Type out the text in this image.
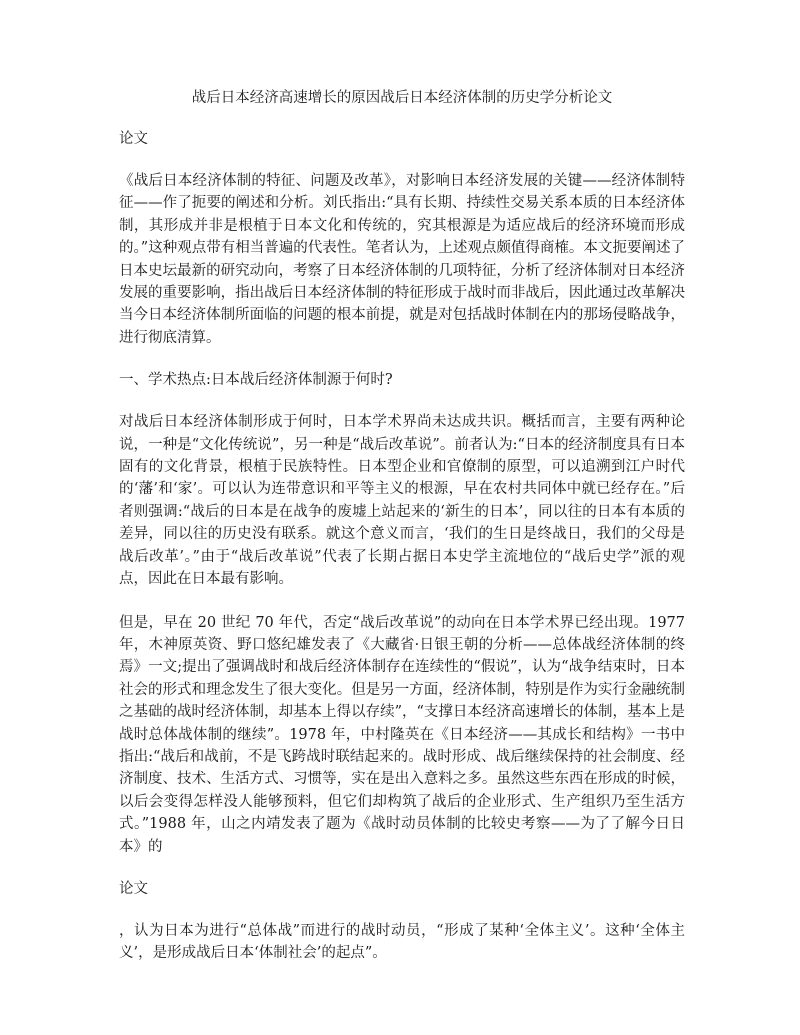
战后日本经济高速增长的原因战后日本经济体制的历史学分析论文
论文

《战后日本经济体制的特征、问题及改革》，对影响日本经济发展的关键——经济体制特征——作了扼要的阐述和分析。刘氏指出:“具有长期、持续性交易关系本质的日本经济体制，其形成并非是根植于日本文化和传统的，究其根源是为适应战后的经济环境而形成的。”这种观点带有相当普遍的代表性。笔者认为，上述观点颇值得商榷。本文扼要阐述了日本史坛最新的研究动向，考察了日本经济体制的几项特征，分析了经济体制对日本经济发展的重要影响，指出战后日本经济体制的特征形成于战时而非战后，因此通过改革解决当今日本经济体制所面临的问题的根本前提，就是对包括战时体制在内的那场侵略战争，进行彻底清算。

一、学术热点:日本战后经济体制源于何时?

对战后日本经济体制形成于何时，日本学术界尚未达成共识。概括而言，主要有两种论说，一种是“文化传统说”，另一种是“战后改革说”。前者认为:“日本的经济制度具有日本固有的文化背景，根植于民族特性。日本型企业和官僚制的原型，可以追溯到江户时代的‘藩’和‘家’。可以认为连带意识和平等主义的根源，早在农村共同体中就已经存在。”后者则强调:“战后的日本是在战争的废墟上站起来的‘新生的日本’，同以往的日本有本质的差异，同以往的历史没有联系。就这个意义而言，‘我们的生日是终战日，我们的父母是战后改革’。”由于“战后改革说”代表了长期占据日本史学主流地位的“战后史学”派的观点，因此在日本最有影响。

但是，早在 20 世纪 70 年代，否定“战后改革说”的动向在日本学术界已经出现。1977 年，木神原英资、野口悠纪雄发表了《大藏省·日银王朝的分析——总体战经济体制的终焉》一文;提出了强调战时和战后经济体制存在连续性的“假说”，认为“战争结束时，日本社会的形式和理念发生了很大变化。但是另一方面，经济体制，特别是作为实行金融统制之基础的战时经济体制，却基本上得以存续”，“支撑日本经济高速增长的体制，基本上是战时总体战体制的继续”。1978 年，中村隆英在《日本经济——其成长和结构》一书中指出:“战后和战前，不是飞跨战时联结起来的。战时形成、战后继续保持的社会制度、经济制度、技术、生活方式、习惯等，实在是出入意料之多。虽然这些东西在形成的时候，以后会变得怎样没人能够预料，但它们却构筑了战后的企业形式、生产组织乃至生活方式。”1988 年，山之内靖发表了题为《战时动员体制的比较史考察——为了了解今日日本》的

论文

，认为日本为进行“总体战”而进行的战时动员，“形成了某种‘全体主义’。这种‘全体主义’，是形成战后日本‘体制社会’的起点”。
